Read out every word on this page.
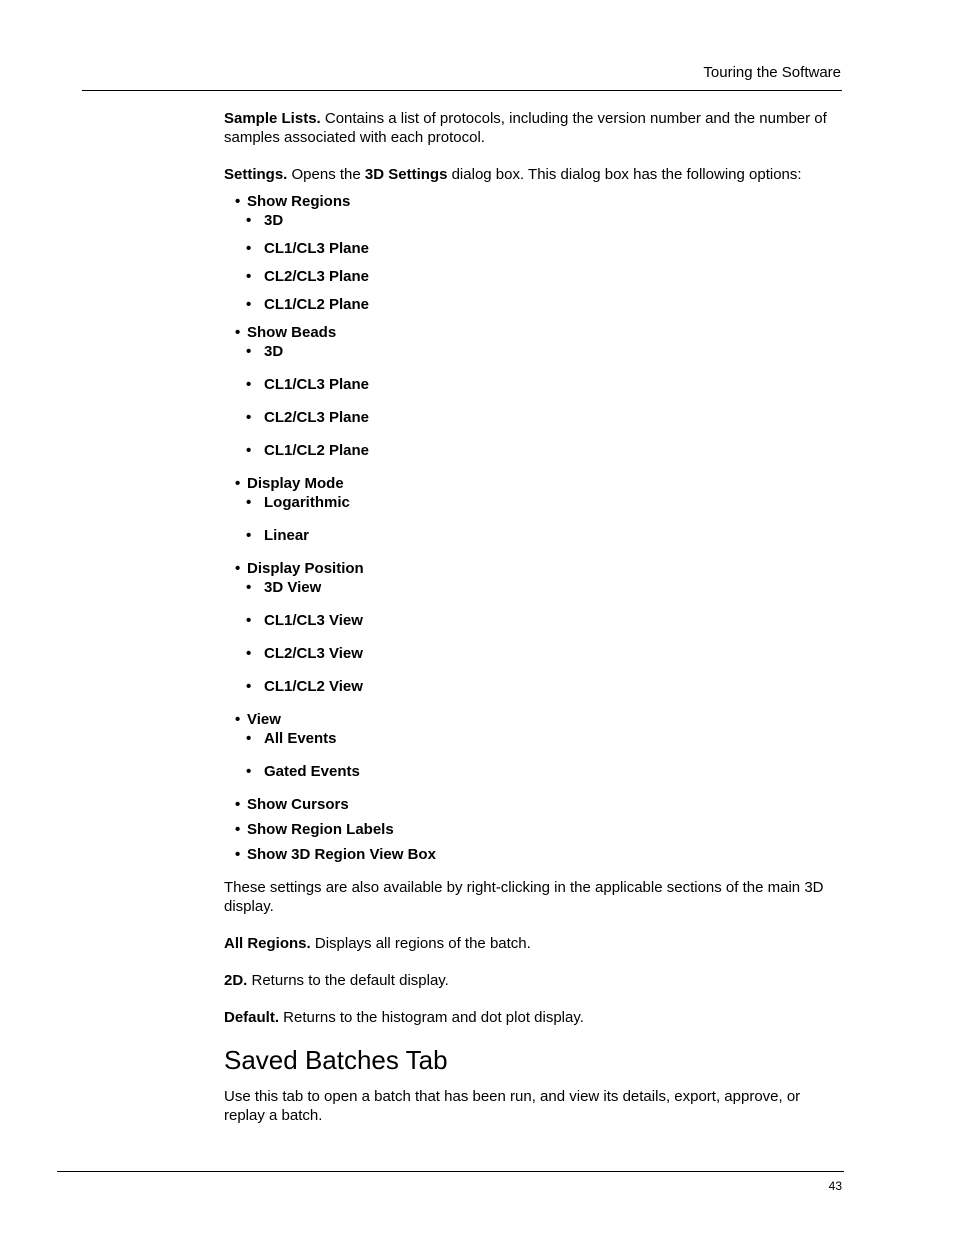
Touring the Software

Sample Lists. Contains a list of protocols, including the version number and the number of samples associated with each protocol.

Settings. Opens the 3D Settings dialog box. This dialog box has the following options:

• Show Regions
• 3D
• CL1/CL3 Plane
• CL2/CL3 Plane
• CL1/CL2 Plane
• Show Beads
• 3D
• CL1/CL3 Plane
• CL2/CL3 Plane
• CL1/CL2 Plane
• Display Mode
• Logarithmic
• Linear
• Display Position
• 3D View
• CL1/CL3 View
• CL2/CL3 View
• CL1/CL2 View
• View
• All Events
• Gated Events
• Show Cursors
• Show Region Labels
• Show 3D Region View Box

These settings are also available by right-clicking in the applicable sections of the main 3D display.

All Regions. Displays all regions of the batch.

2D. Returns to the default display.

Default. Returns to the histogram and dot plot display.

Saved Batches Tab

Use this tab to open a batch that has been run, and view its details, export, approve, or replay a batch.

43
